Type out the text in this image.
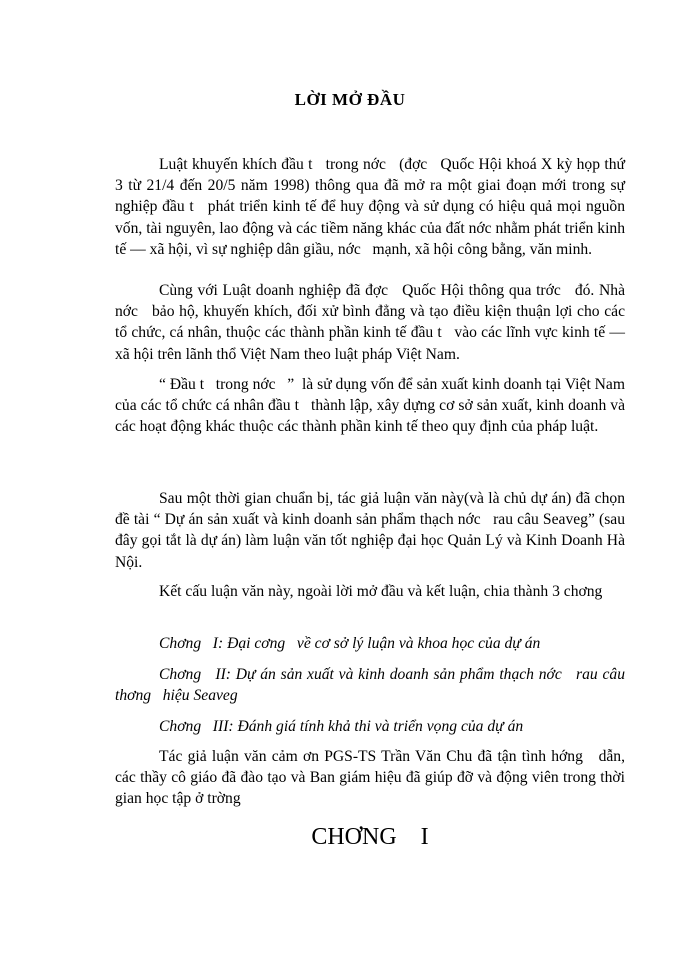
LỜI MỞ ĐẦU

Luật khuyến khích đầu t   trong nớc   (đợc   Quốc Hội khoá X kỳ họp thứ 3 từ 21/4 đến 20/5 năm 1998) thông qua đã mở ra một giai đoạn mới trong sự nghiệp đầu t   phát triển kinh tế để huy động và sử dụng có hiệu quả mọi nguồn vốn, tài nguyên, lao động và các tiềm năng khác của đất nớc nhằm phát triển kinh tế — xã hội, vì sự nghiệp dân giầu, nớc   mạnh, xã hội công bằng, văn minh.

Cùng với Luật doanh nghiệp đã đợc   Quốc Hội thông qua trớc   đó. Nhà nớc   bảo hộ, khuyến khích, đối xử bình đẳng và tạo điều kiện thuận lợi cho các tổ chức, cá nhân, thuộc các thành phần kinh tế đầu t   vào các lĩnh vực kinh tế — xã hội trên lãnh thổ Việt Nam theo luật pháp Việt Nam.

“ Đầu t   trong nớc   ”  là sử dụng vốn để sản xuất kinh doanh tại Việt Nam của các tổ chức cá nhân đầu t   thành lập, xây dựng cơ sở sản xuất, kinh doanh và các hoạt động khác thuộc các thành phần kinh tế theo quy định của pháp luật.

Sau một thời gian chuẩn bị, tác giả luận văn này(và là chủ dự án) đã chọn đề tài “ Dự án sản xuất và kinh doanh sản phẩm thạch nớc   rau câu Seaveg” (sau đây gọi tắt là dự án) làm luận văn tốt nghiệp đại học Quản Lý và Kinh Doanh Hà Nội.

Kết cấu luận văn này, ngoài lời mở đầu và kết luận, chia thành 3 chơng

Chơng   I: Đại cơng   về cơ sở lý luận và khoa học của dự án

Chơng   II: Dự án sản xuất và kinh doanh sản phẩm thạch nớc   rau câu thơng   hiệu Seaveg

Chơng   III: Đánh giá tính khả thi và triển vọng của dự án

Tác giả luận văn cảm ơn PGS-TS Trần Văn Chu đã tận tình hớng   dẫn, các thầy cô giáo đã đào tạo và Ban giám hiệu đã giúp đỡ và động viên trong thời gian học tập ở trờng

CHƠNG    I
